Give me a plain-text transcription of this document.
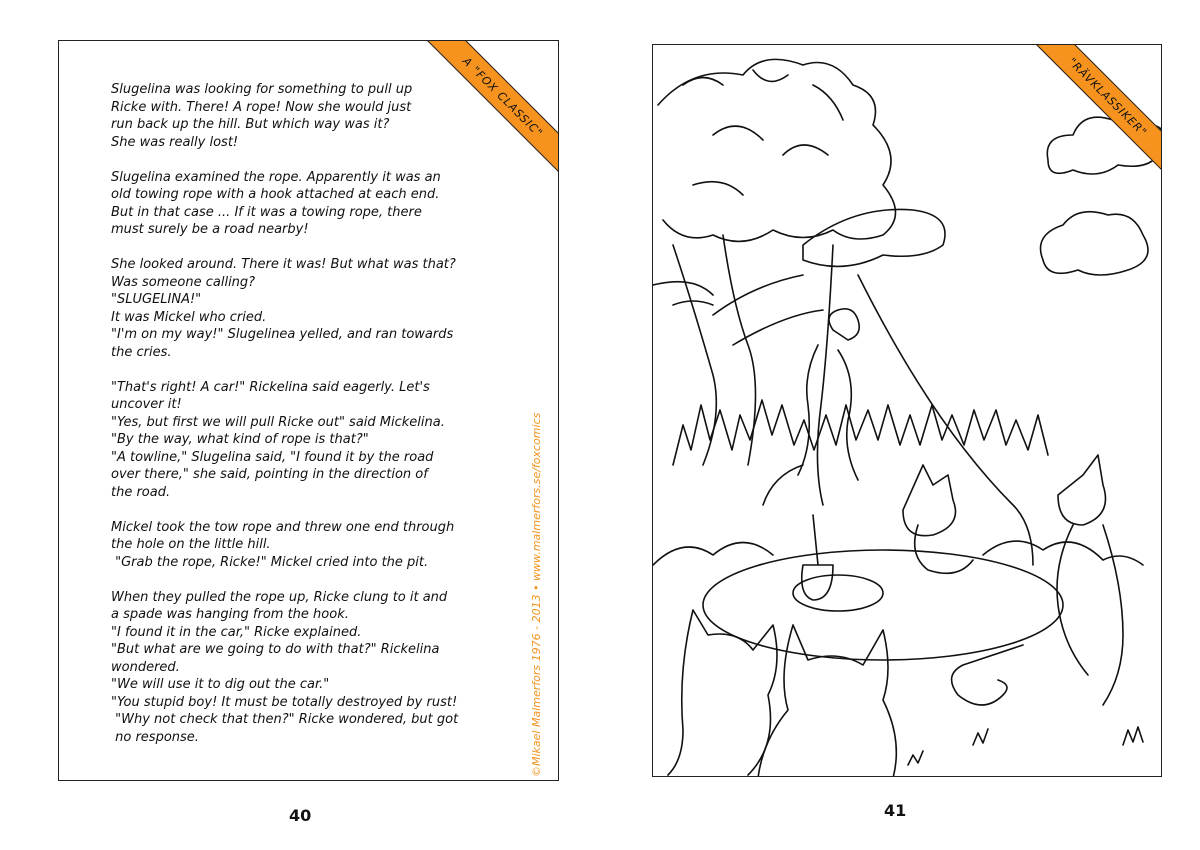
A "FOX CLASSIC"

Slugelina was looking for something to pull up
Ricke with. There! A rope! Now she would just
run back up the hill. But which way was it?
She was really lost!

Slugelina examined the rope. Apparently it was an
old towing rope with a hook attached at each end.
But in that case ... If it was a towing rope, there
must surely be a road nearby!

She looked around. There it was! But what was that?
Was someone calling?
"SLUGELINA!"
It was Mickel who cried.
"I'm on my way!" Slugelinea yelled, and ran towards
the cries.

"That's right! A car!" Rickelina said eagerly. Let's
uncover it!
"Yes, but first we will pull Ricke out" said Mickelina.
"By the way, what kind of rope is that?"
"A towline," Slugelina said, "I found it by the road
over there," she said, pointing in the direction of
the road.

Mickel took the tow rope and threw one end through
the hole on the little hill.
"Grab the rope, Ricke!" Mickel cried into the pit.

When they pulled the rope up, Ricke clung to it and
a spade was hanging from the hook.
"I found it in the car," Ricke explained.
"But what are we going to do with that?" Rickelina
wondered.
"We will use it to dig out the car."
"You stupid boy! It must be totally destroyed by rust!
"Why not check that then?" Ricke wondered, but got
no response.	©Mikael Malmerfors 1976 - 2013 • www.malmerfors.se/foxcomics
40
"RÄVKLASSIKER"
41
